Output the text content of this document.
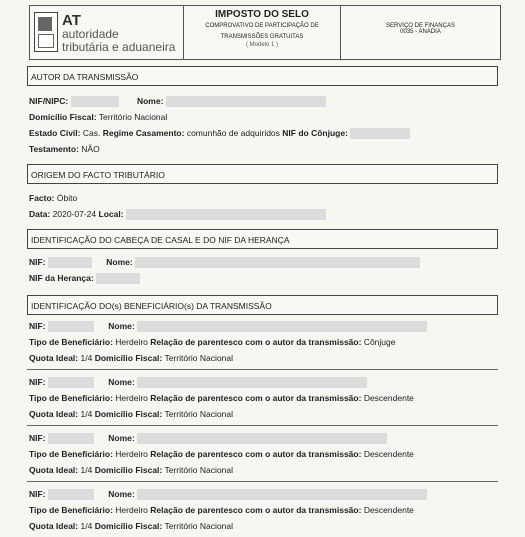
AT
autoridade
tributária e aduaneira
IMPOSTO DO SELO
COMPROVATIVO DE PARTICIPAÇÃO DE
TRANSMISSÕES GRATUITAS
( Modelo 1 )
SERVIÇO DE FINANÇAS
0035 - ANADIA
AUTOR DA TRANSMISSÃO
NIF/NIPC:	Nome:
Domicílio Fiscal: Território Nacional
Estado Civil: Cas. Regime Casamento: comunhão de adquiridos NIF do Cônjuge:
Testamento: NÃO
ORIGEM DO FACTO TRIBUTÁRIO
Facto: Óbito
Data: 2020-07-24 Local:
IDENTIFICAÇÃO DO CABEÇA DE CASAL E DO NIF DA HERANÇA
NIF:	Nome:
NIF da Herança:
IDENTIFICAÇÃO DO(s) BENEFICIÁRIO(s) DA TRANSMISSÃO
NIF:	Nome:
Tipo de Beneficiário: Herdeiro Relação de parentesco com o autor da transmissão: Cônjuge
Quota Ideal: 1/4 Domicílio Fiscal: Território Nacional
NIF:	Nome:
Tipo de Beneficiário: Herdeiro Relação de parentesco com o autor da transmissão: Descendente
Quota Ideal: 1/4 Domicílio Fiscal: Território Nacional
NIF:	Nome:
Tipo de Beneficiário: Herdeiro Relação de parentesco com o autor da transmissão: Descendente
Quota Ideal: 1/4 Domicílio Fiscal: Território Nacional
NIF:	Nome:
Tipo de Beneficiário: Herdeiro Relação de parentesco com o autor da transmissão: Descendente
Quota Ideal: 1/4 Domicílio Fiscal: Território Nacional
